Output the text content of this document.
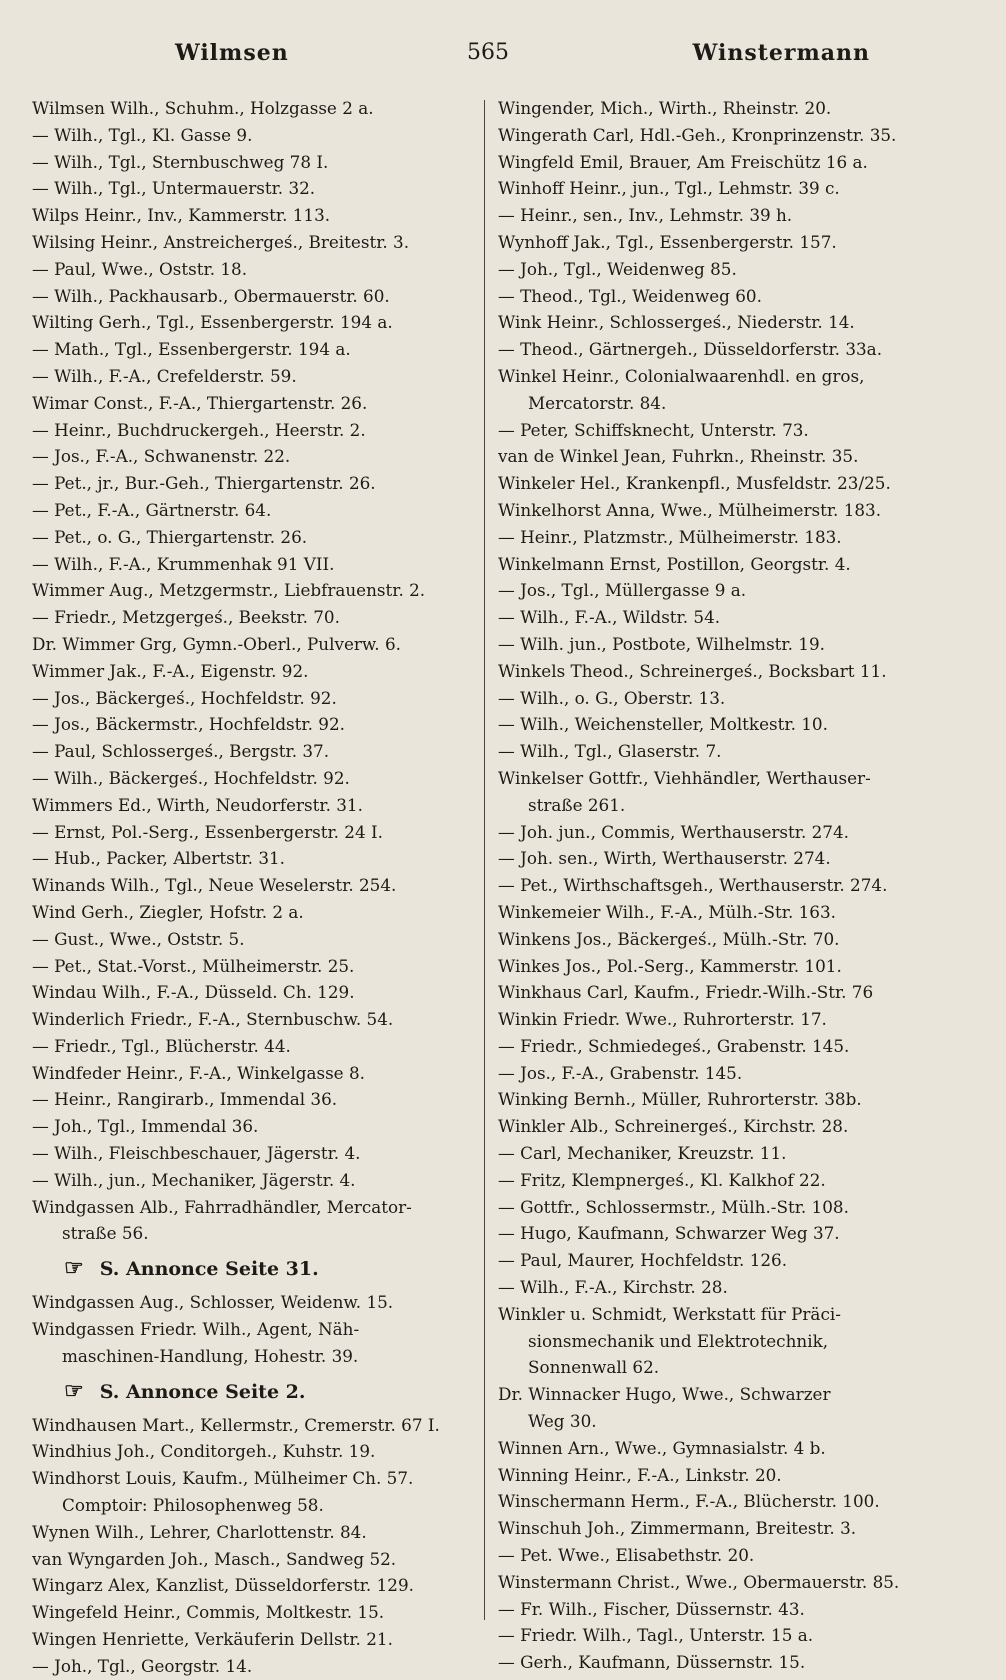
Wilmsen	565	Winstermann
Wilmsen Wilh., Schuhm., Holzgasse 2 a.
— Wilh., Tgl., Kl. Gasse 9.
— Wilh., Tgl., Sternbuschweg 78 I.
— Wilh., Tgl., Untermauerstr. 32.
Wilps Heinr., Inv., Kammerstr. 113.
Wilsing Heinr., Anstreichergeś., Breitestr. 3.
— Paul, Wwe., Oststr. 18.
— Wilh., Packhausarb., Obermauerstr. 60.
Wilting Gerh., Tgl., Essenbergerstr. 194 a.
— Math., Tgl., Essenbergerstr. 194 a.
— Wilh., F.-A., Crefelderstr. 59.
Wimar Const., F.-A., Thiergartenstr. 26.
— Heinr., Buchdruckergeh., Heerstr. 2.
— Jos., F.-A., Schwanenstr. 22.
— Pet., jr., Bur.-Geh., Thiergartenstr. 26.
— Pet., F.-A., Gärtnerstr. 64.
— Pet., o. G., Thiergartenstr. 26.
— Wilh., F.-A., Krummenhak 91 VII.
Wimmer Aug., Metzgermstr., Liebfrauenstr. 2.
— Friedr., Metzgergeś., Beekstr. 70.
Dr. Wimmer Grg, Gymn.-Oberl., Pulverw. 6.
Wimmer Jak., F.-A., Eigenstr. 92.
— Jos., Bäckergeś., Hochfeldstr. 92.
— Jos., Bäckermstr., Hochfeldstr. 92.
— Paul, Schlossergeś., Bergstr. 37.
— Wilh., Bäckergeś., Hochfeldstr. 92.
Wimmers Ed., Wirth, Neudorferstr. 31.
— Ernst, Pol.-Serg., Essenbergerstr. 24 I.
— Hub., Packer, Albertstr. 31.
Winands Wilh., Tgl., Neue Weselerstr. 254.
Wind Gerh., Ziegler, Hofstr. 2 a.
— Gust., Wwe., Oststr. 5.
— Pet., Stat.-Vorst., Mülheimerstr. 25.
Windau Wilh., F.-A., Düsseld. Ch. 129.
Winderlich Friedr., F.-A., Sternbuschw. 54.
— Friedr., Tgl., Blücherstr. 44.
Windfeder Heinr., F.-A., Winkelgasse 8.
— Heinr., Rangirarb., Immendal 36.
— Joh., Tgl., Immendal 36.
— Wilh., Fleischbeschauer, Jägerstr. 4.
— Wilh., jun., Mechaniker, Jägerstr. 4.
Windgassen Alb., Fahrradhändler, Mercator-
straße 56.
☞ S. Annonce Seite 31.
Windgassen Aug., Schlosser, Weidenw. 15.
Windgassen Friedr. Wilh., Agent, Näh-
maschinen-Handlung, Hohestr. 39.
☞ S. Annonce Seite 2.
Windhausen Mart., Kellermstr., Cremerstr. 67 I.
Windhius Joh., Conditorgeh., Kuhstr. 19.
Windhorst Louis, Kaufm., Mülheimer Ch. 57.
Comptoir: Philosophenweg 58.
Wynen Wilh., Lehrer, Charlottenstr. 84.
van Wyngarden Joh., Masch., Sandweg 52.
Wingarz Alex, Kanzlist, Düsseldorferstr. 129.
Wingefeld Heinr., Commis, Moltkestr. 15.
Wingen Henriette, Verkäuferin Dellstr. 21.
— Joh., Tgl., Georgstr. 14.
Wingender, Mich., Wirth., Rheinstr. 20.
Wingerath Carl, Hdl.-Geh., Kronprinzenstr. 35.
Wingfeld Emil, Brauer, Am Freischütz 16 a.
Winhoff Heinr., jun., Tgl., Lehmstr. 39 c.
— Heinr., sen., Inv., Lehmstr. 39 h.
Wynhoff Jak., Tgl., Essenbergerstr. 157.
— Joh., Tgl., Weidenweg 85.
— Theod., Tgl., Weidenweg 60.
Wink Heinr., Schlossergeś., Niederstr. 14.
— Theod., Gärtnergeh., Düsseldorferstr. 33a.
Winkel Heinr., Colonialwaarenhdl. en gros,
Mercatorstr. 84.
— Peter, Schiffsknecht, Unterstr. 73.
van de Winkel Jean, Fuhrkn., Rheinstr. 35.
Winkeler Hel., Krankenpfl., Musfeldstr. 23/25.
Winkelhorst Anna, Wwe., Mülheimerstr. 183.
— Heinr., Platzmstr., Mülheimerstr. 183.
Winkelmann Ernst, Postillon, Georgstr. 4.
— Jos., Tgl., Müllergasse 9 a.
— Wilh., F.-A., Wildstr. 54.
— Wilh. jun., Postbote, Wilhelmstr. 19.
Winkels Theod., Schreinergeś., Bocksbart 11.
— Wilh., o. G., Oberstr. 13.
— Wilh., Weichensteller, Moltkestr. 10.
— Wilh., Tgl., Glaserstr. 7.
Winkelser Gottfr., Viehhändler, Werthauser-
straße 261.
— Joh. jun., Commis, Werthauserstr. 274.
— Joh. sen., Wirth, Werthauserstr. 274.
— Pet., Wirthschaftsgeh., Werthauserstr. 274.
Winkemeier Wilh., F.-A., Mülh.-Str. 163.
Winkens Jos., Bäckergeś., Mülh.-Str. 70.
Winkes Jos., Pol.-Serg., Kammerstr. 101.
Winkhaus Carl, Kaufm., Friedr.-Wilh.-Str. 76
Winkin Friedr. Wwe., Ruhrorterstr. 17.
— Friedr., Schmiedegeś., Grabenstr. 145.
— Jos., F.-A., Grabenstr. 145.
Winking Bernh., Müller, Ruhrorterstr. 38b.
Winkler Alb., Schreinergeś., Kirchstr. 28.
— Carl, Mechaniker, Kreuzstr. 11.
— Fritz, Klempnergeś., Kl. Kalkhof 22.
— Gottfr., Schlossermstr., Mülh.-Str. 108.
— Hugo, Kaufmann, Schwarzer Weg 37.
— Paul, Maurer, Hochfeldstr. 126.
— Wilh., F.-A., Kirchstr. 28.
Winkler u. Schmidt, Werkstatt für Präci-
sionsmechanik und Elektrotechnik,
Sonnenwall 62.
Dr. Winnacker Hugo, Wwe., Schwarzer
Weg 30.
Winnen Arn., Wwe., Gymnasialstr. 4 b.
Winning Heinr., F.-A., Linkstr. 20.
Winschermann Herm., F.-A., Blücherstr. 100.
Winschuh Joh., Zimmermann, Breitestr. 3.
— Pet. Wwe., Elisabethstr. 20.
Winstermann Christ., Wwe., Obermauerstr. 85.
— Fr. Wilh., Fischer, Düssernstr. 43.
— Friedr. Wilh., Tagl., Unterstr. 15 a.
— Gerh., Kaufmann, Düssernstr. 15.
